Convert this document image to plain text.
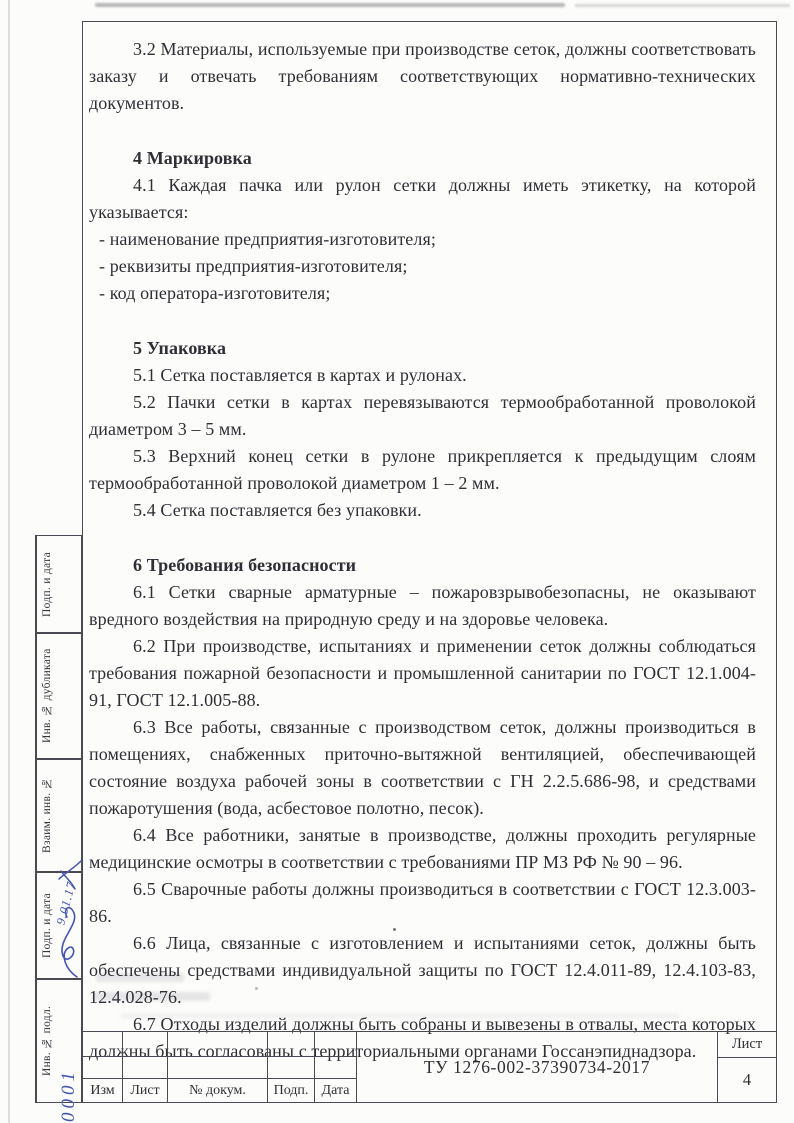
3.2 Материалы, используемые при производстве сеток, должны соответствовать заказу и отвечать требованиям соответствующих нормативно-технических документов.

4 Маркировка

4.1 Каждая пачка или рулон сетки должны иметь этикетку, на которой указывается:

- наименование предприятия-изготовителя;

- реквизиты предприятия-изготовителя;

- код оператора-изготовителя;

5 Упаковка

5.1 Сетка поставляется в картах и рулонах.

5.2 Пачки сетки в картах перевязываются термообработанной проволокой диаметром 3 – 5 мм.

5.3 Верхний конец сетки в рулоне прикрепляется к предыдущим слоям термообработанной проволокой диаметром 1 – 2 мм.

5.4 Сетка поставляется без упаковки.

6 Требования безопасности

6.1 Сетки сварные арматурные – пожаровзрывобезопасны, не оказывают вредного воздействия на природную среду и на здоровье человека.

6.2 При производстве, испытаниях и применении сеток должны соблюдаться требования пожарной безопасности и промышленной санитарии по ГОСТ 12.1.004-91, ГОСТ 12.1.005-88.

6.3 Все работы, связанные с производством сеток, должны производиться в помещениях, снабженных приточно-вытяжной вентиляцией, обеспечивающей состояние воздуха рабочей зоны в соответствии с ГН 2.2.5.686-98, и средствами пожаротушения (вода, асбестовое полотно, песок).

6.4 Все работники, занятые в производстве, должны проходить регулярные медицинские осмотры в соответствии с требованиями ПР МЗ РФ № 90 – 96.

6.5 Сварочные работы должны производиться в соответствии с ГОСТ 12.3.003-86.

6.6 Лица, связанные с изготовлением и испытаниями сеток, должны быть обеспечены средствами индивидуальной защиты по ГОСТ 12.4.011-89, 12.4.103-83, 12.4.028-76.

6.7 Отходы изделий должны быть собраны и вывезены в отвалы, места которых должны быть согласованы с территориальными органами Госсанэпиднадзора.

Изм	Лист	№ докум.	Подп. Дата
ТУ 1276-002-37390734-2017
Лист
4
Подп. и дата
Инв. № дубликата
Взаим. инв. №
Подп. и дата 9.01.17
Инв. № подл.
0001
